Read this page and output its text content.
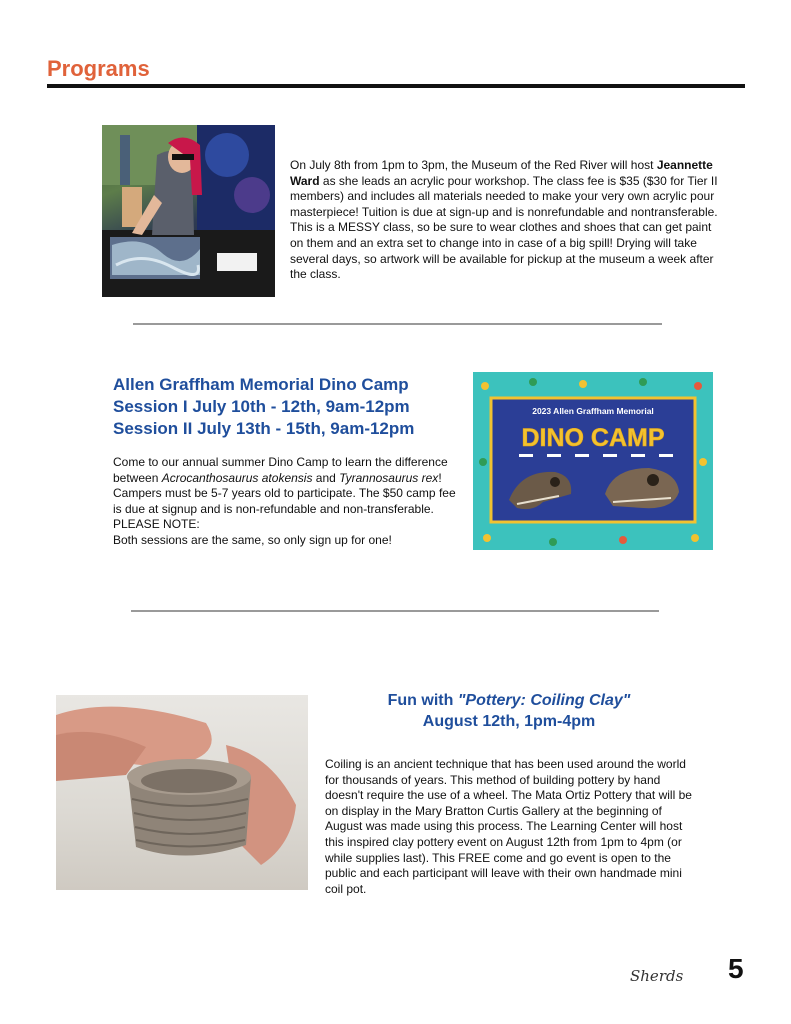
Programs

On July 8th from 1pm to 3pm, the Museum of the Red River will host Jeannette Ward as she leads an acrylic pour workshop. The class fee is $35 ($30 for Tier II members) and includes all materials needed to make your very own acrylic pour masterpiece! Tuition is due at sign-up and is nonrefundable and nontransferable. This is a MESSY class, so be sure to wear clothes and shoes that can get paint on them and an extra set to change into in case of a big spill! Drying will take several days, so artwork will be available for pickup at the museum a week after the class.

Allen Graffham Memorial Dino Camp

Session I July 10th - 12th, 9am-12pm

Session II July 13th - 15th, 9am-12pm

Come to our annual summer Dino Camp to learn the difference between Acrocanthosaurus atokensis and Tyrannosaurus rex! Campers must be 5-7 years old to participate. The $50 camp fee is due at signup and is non-refundable and non-transferable. PLEASE NOTE:
Both sessions are the same, so only sign up for one!

2023 Allen Graffham Memorial
DINO CAMP

Fun with "Pottery: Coiling Clay"
August 12th, 1pm-4pm

Coiling is an ancient technique that has been used around the world for thousands of years. This method of building pottery by hand doesn't require the use of a wheel. The Mata Ortiz Pottery that will be on display in the Mary Bratton Curtis Gallery at the beginning of August was made using this process. The Learning Center will host this inspired clay pottery event on August 12th from 1pm to 4pm (or while supplies last). This FREE come and go event is open to the public and each participant will leave with their own handmade mini coil pot.

Sherds 5
